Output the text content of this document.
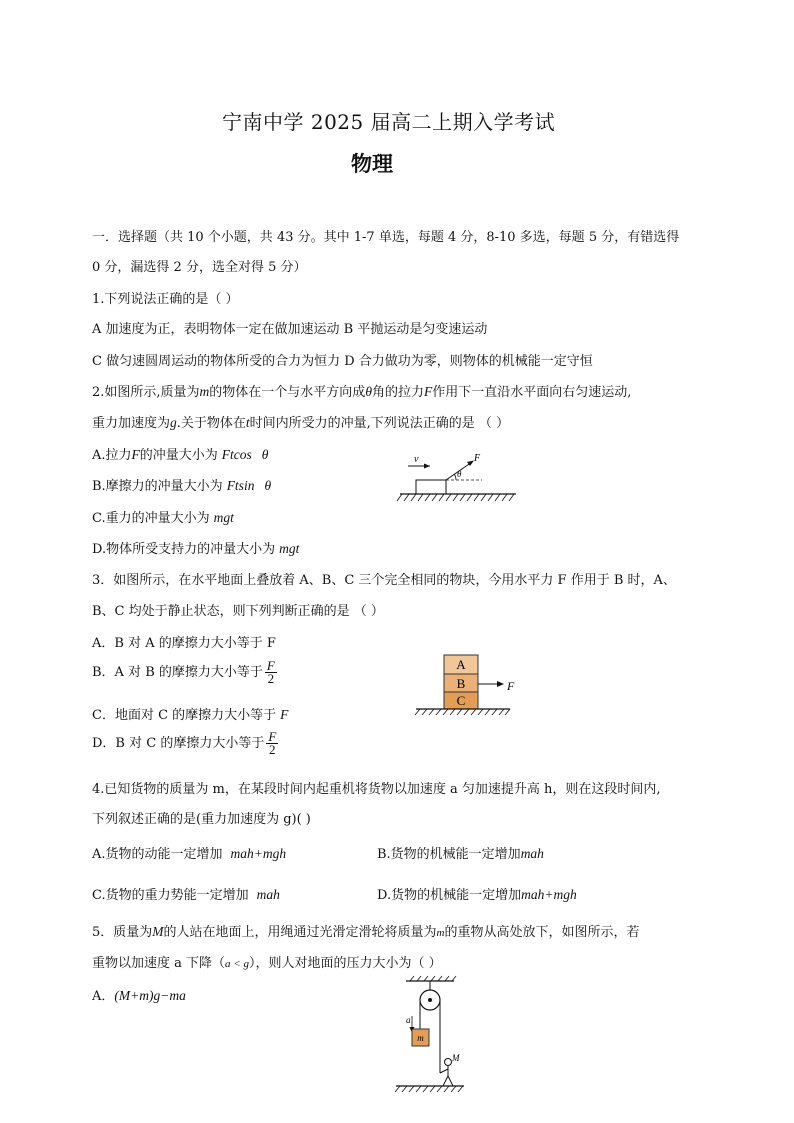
宁南中学 2025 届高二上期入学考试
物理
一．选择题（共 10 个小题，共 43 分。其中 1-7 单选，每题 4 分，8-10 多选，每题 5 分，有错选得
0 分，漏选得 2 分，选全对得 5 分）
1.下列说法正确的是（ ）
A 加速度为正，表明物体一定在做加速运动 B 平抛运动是匀变速运动
C 做匀速圆周运动的物体所受的合力为恒力 D 合力做功为零，则物体的机械能一定守恒
2.如图所示,质量为m的物体在一个与水平方向成θ角的拉力F作用下一直沿水平面向右匀速运动,
重力加速度为g.关于物体在t时间内所受力的冲量,下列说法正确的是 （ ）
A.拉力F的冲量大小为 Ftcos θ
B.摩擦力的冲量大小为 Ftsin θ
C.重力的冲量大小为 mgt
D.物体所受支持力的冲量大小为 mgt
v	F
θ
3．如图所示，在水平地面上叠放着 A、B、C 三个完全相同的物块，今用水平力 F 作用于 B 时，A、
B、C 均处于静止状态，则下列判断正确的是 （ ）
A．B 对 A 的摩擦力大小等于 F
B．A 对 B 的摩擦力大小等于 $\frac{F}{2}$
C．地面对 C 的摩擦力大小等于 F
D．B 对 C 的摩擦力大小等于 $\frac{F}{2}$
A
B
C
F
4.已知货物的质量为 m，在某段时间内起重机将货物以加速度 a 匀加速提升高 h，则在这段时间内,
下列叙述正确的是(重力加速度为 g)( )
A.货物的动能一定增加 mah+mgh	B.货物的机械能一定增加mah
C.货物的重力势能一定增加 mah	D.货物的机械能一定增加mah+mgh
5．质量为M的人站在地面上，用绳通过光滑定滑轮将质量为m的重物从高处放下，如图所示，若
重物以加速度 a 下降（a < g），则人对地面的压力大小为（ ）
A．(M+m)g−ma
a
m
M
